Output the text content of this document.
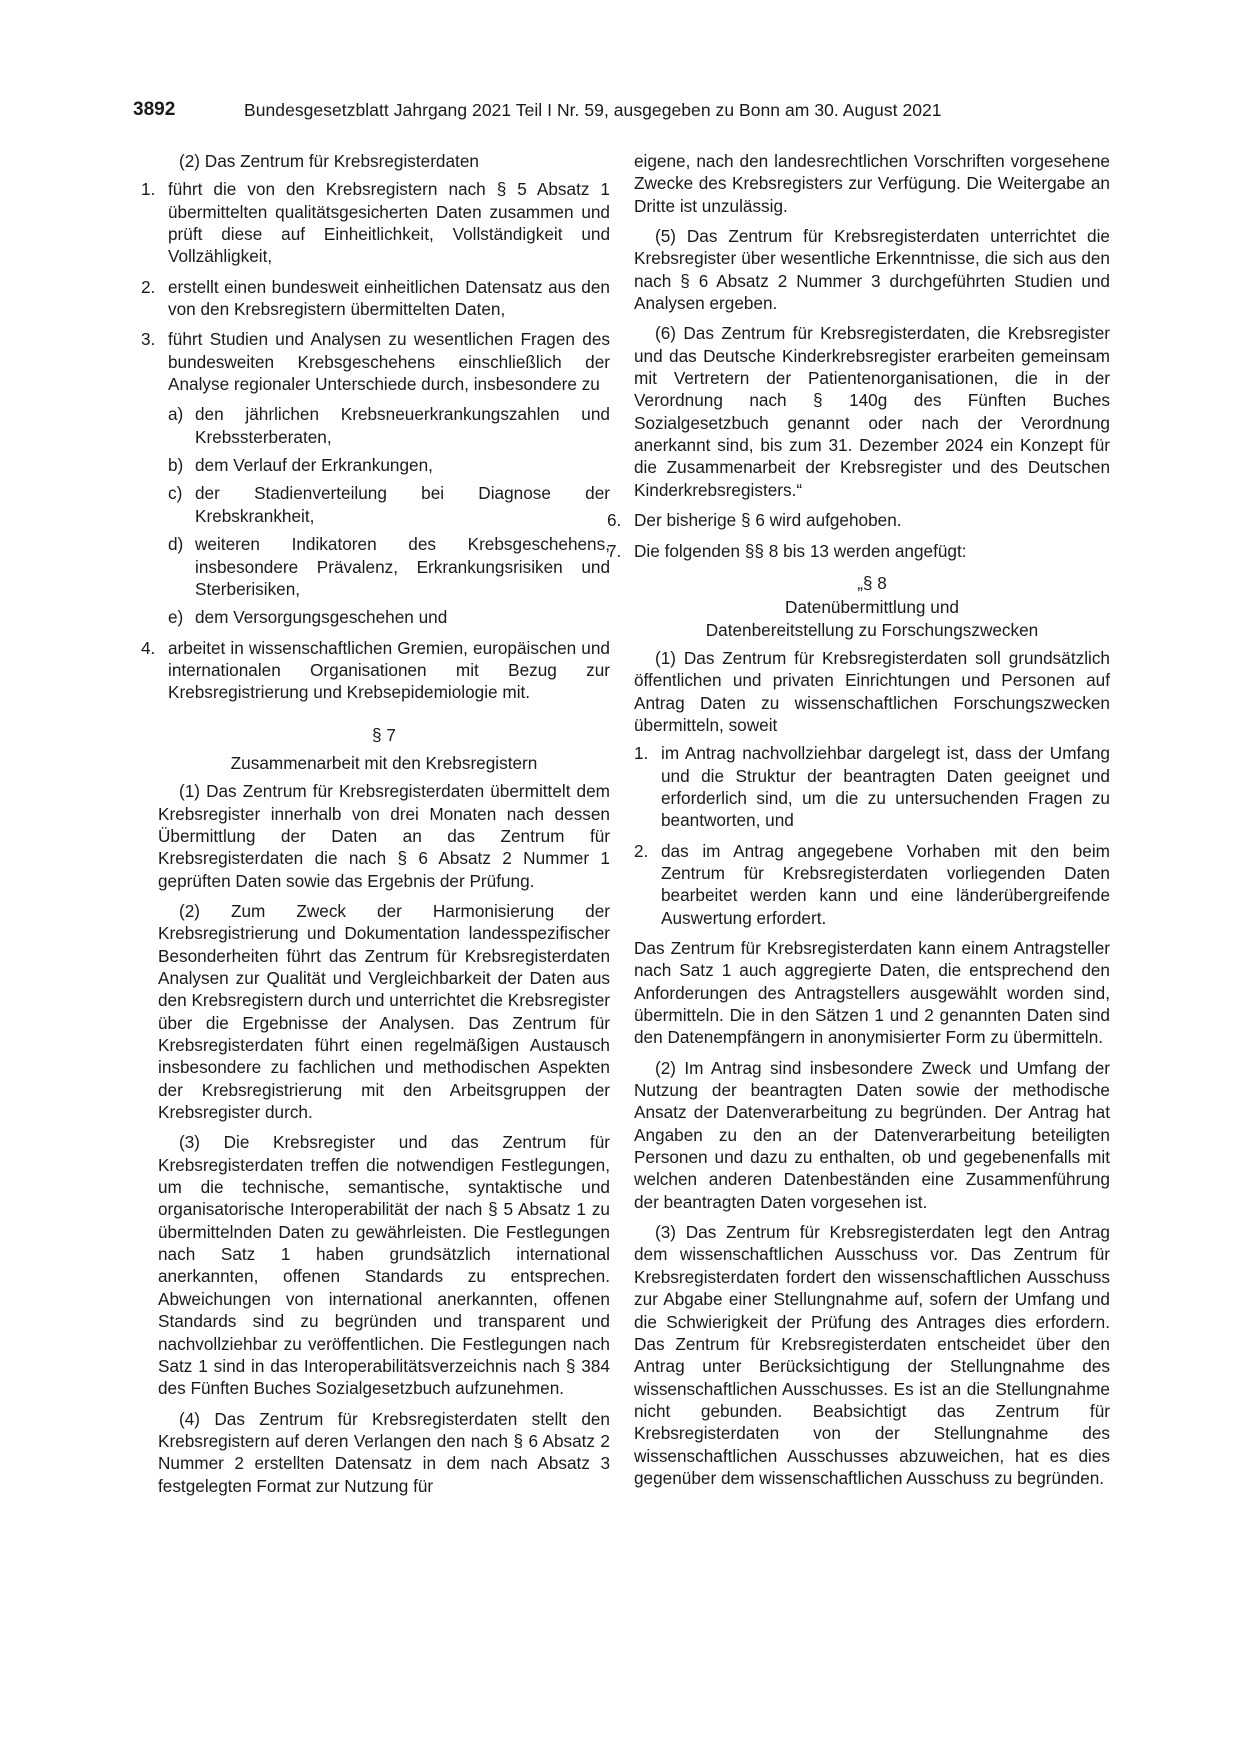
3892	Bundesgesetzblatt Jahrgang 2021 Teil I Nr. 59, ausgegeben zu Bonn am 30. August 2021

(2) Das Zentrum für Krebsregisterdaten

1. führt die von den Krebsregistern nach § 5 Absatz 1 übermittelten qualitätsgesicherten Daten zusammen und prüft diese auf Einheitlichkeit, Vollständigkeit und Vollzähligkeit,
2. erstellt einen bundesweit einheitlichen Datensatz aus den von den Krebsregistern übermittelten Daten,
3. führt Studien und Analysen zu wesentlichen Fragen des bundesweiten Krebsgeschehens einschließlich der Analyse regionaler Unterschiede durch, insbesondere zu
a) den jährlichen Krebsneuerkrankungszahlen und Krebssterberaten,
b) dem Verlauf der Erkrankungen,
c) der Stadienverteilung bei Diagnose der Krebskrankheit,
d) weiteren Indikatoren des Krebsgeschehens, insbesondere Prävalenz, Erkrankungsrisiken und Sterberisiken,
e) dem Versorgungsgeschehen und
4. arbeitet in wissenschaftlichen Gremien, europäischen und internationalen Organisationen mit Bezug zur Krebsregistrierung und Krebsepidemiologie mit.
§ 7
Zusammenarbeit mit den Krebsregistern

(1) Das Zentrum für Krebsregisterdaten übermittelt dem Krebsregister innerhalb von drei Monaten nach dessen Übermittlung der Daten an das Zentrum für Krebsregisterdaten die nach § 6 Absatz 2 Nummer 1 geprüften Daten sowie das Ergebnis der Prüfung.

(2) Zum Zweck der Harmonisierung der Krebsregistrierung und Dokumentation landesspezifischer Besonderheiten führt das Zentrum für Krebsregisterdaten Analysen zur Qualität und Vergleichbarkeit der Daten aus den Krebsregistern durch und unterrichtet die Krebsregister über die Ergebnisse der Analysen. Das Zentrum für Krebsregisterdaten führt einen regelmäßigen Austausch insbesondere zu fachlichen und methodischen Aspekten der Krebsregistrierung mit den Arbeitsgruppen der Krebsregister durch.

(3) Die Krebsregister und das Zentrum für Krebsregisterdaten treffen die notwendigen Festlegungen, um die technische, semantische, syntaktische und organisatorische Interoperabilität der nach § 5 Absatz 1 zu übermittelnden Daten zu gewährleisten. Die Festlegungen nach Satz 1 haben grundsätzlich international anerkannten, offenen Standards zu entsprechen. Abweichungen von international anerkannten, offenen Standards sind zu begründen und transparent und nachvollziehbar zu veröffentlichen. Die Festlegungen nach Satz 1 sind in das Interoperabilitätsverzeichnis nach § 384 des Fünften Buches Sozialgesetzbuch aufzunehmen.

(4) Das Zentrum für Krebsregisterdaten stellt den Krebsregistern auf deren Verlangen den nach § 6 Absatz 2 Nummer 2 erstellten Datensatz in dem nach Absatz 3 festgelegten Format zur Nutzung für

eigene, nach den landesrechtlichen Vorschriften vorgesehene Zwecke des Krebsregisters zur Verfügung. Die Weitergabe an Dritte ist unzulässig.

(5) Das Zentrum für Krebsregisterdaten unterrichtet die Krebsregister über wesentliche Erkenntnisse, die sich aus den nach § 6 Absatz 2 Nummer 3 durchgeführten Studien und Analysen ergeben.

(6) Das Zentrum für Krebsregisterdaten, die Krebsregister und das Deutsche Kinderkrebsregister erarbeiten gemeinsam mit Vertretern der Patientenorganisationen, die in der Verordnung nach § 140g des Fünften Buches Sozialgesetzbuch genannt oder nach der Verordnung anerkannt sind, bis zum 31. Dezember 2024 ein Konzept für die Zusammenarbeit der Krebsregister und des Deutschen Kinderkrebsregisters.“

6. Der bisherige § 6 wird aufgehoben.
7. Die folgenden §§ 8 bis 13 werden angefügt:
„§ 8
Datenübermittlung und
Datenbereitstellung zu Forschungszwecken

(1) Das Zentrum für Krebsregisterdaten soll grundsätzlich öffentlichen und privaten Einrichtungen und Personen auf Antrag Daten zu wissenschaftlichen Forschungszwecken übermitteln, soweit

1. im Antrag nachvollziehbar dargelegt ist, dass der Umfang und die Struktur der beantragten Daten geeignet und erforderlich sind, um die zu untersuchenden Fragen zu beantworten, und
2. das im Antrag angegebene Vorhaben mit den beim Zentrum für Krebsregisterdaten vorliegenden Daten bearbeitet werden kann und eine länderübergreifende Auswertung erfordert.

Das Zentrum für Krebsregisterdaten kann einem Antragsteller nach Satz 1 auch aggregierte Daten, die entsprechend den Anforderungen des Antragstellers ausgewählt worden sind, übermitteln. Die in den Sätzen 1 und 2 genannten Daten sind den Datenempfängern in anonymisierter Form zu übermitteln.

(2) Im Antrag sind insbesondere Zweck und Umfang der Nutzung der beantragten Daten sowie der methodische Ansatz der Datenverarbeitung zu begründen. Der Antrag hat Angaben zu den an der Datenverarbeitung beteiligten Personen und dazu zu enthalten, ob und gegebenenfalls mit welchen anderen Datenbeständen eine Zusammenführung der beantragten Daten vorgesehen ist.

(3) Das Zentrum für Krebsregisterdaten legt den Antrag dem wissenschaftlichen Ausschuss vor. Das Zentrum für Krebsregisterdaten fordert den wissenschaftlichen Ausschuss zur Abgabe einer Stellungnahme auf, sofern der Umfang und die Schwierigkeit der Prüfung des Antrages dies erfordern. Das Zentrum für Krebsregisterdaten entscheidet über den Antrag unter Berücksichtigung der Stellungnahme des wissenschaftlichen Ausschusses. Es ist an die Stellungnahme nicht gebunden. Beabsichtigt das Zentrum für Krebsregisterdaten von der Stellungnahme des wissenschaftlichen Ausschusses abzuweichen, hat es dies gegenüber dem wissenschaftlichen Ausschuss zu begründen.
